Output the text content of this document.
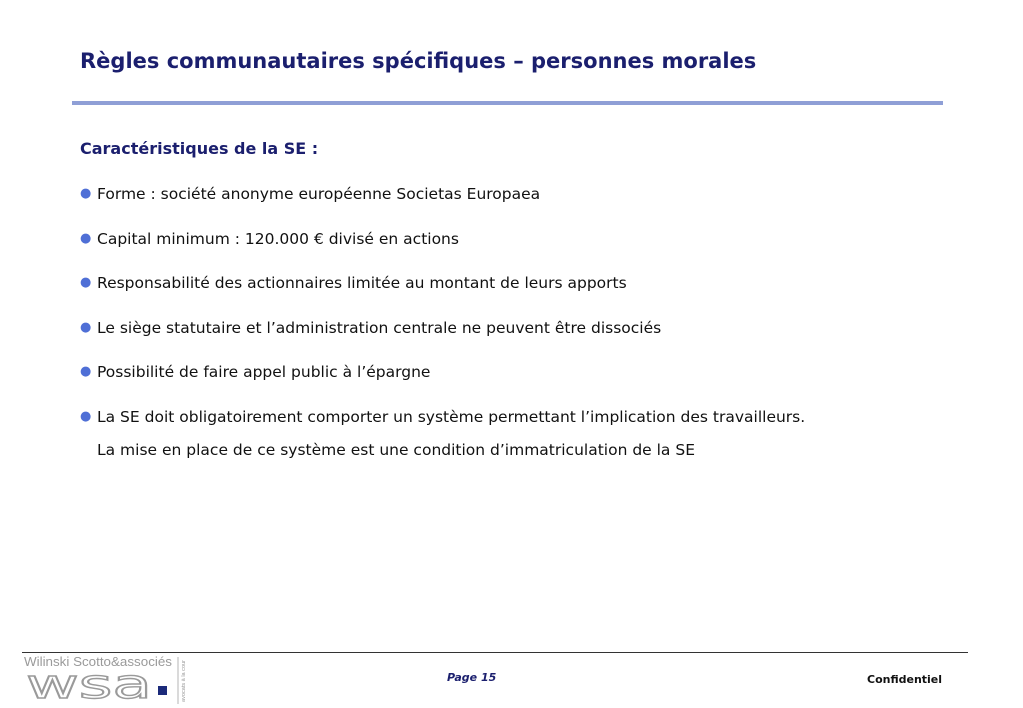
Règles communautaires spécifiques – personnes morales
Caractéristiques de la SE :
● Forme : société anonyme européenne Societas Europaea
● Capital minimum : 120.000 € divisé en actions
● Responsabilité des actionnaires limitée au montant de leurs apports
● Le siège statutaire et l’administration centrale ne peuvent être dissociés
● Possibilité de faire appel public à l’épargne
● La SE doit obligatoirement comporter un système permettant l’implication des travailleurs.
La mise en place de ce système est une condition d’immatriculation de la SE
Wilinski Scotto&associés
wsa	avocats à la cour	Page 15	Confidentiel
